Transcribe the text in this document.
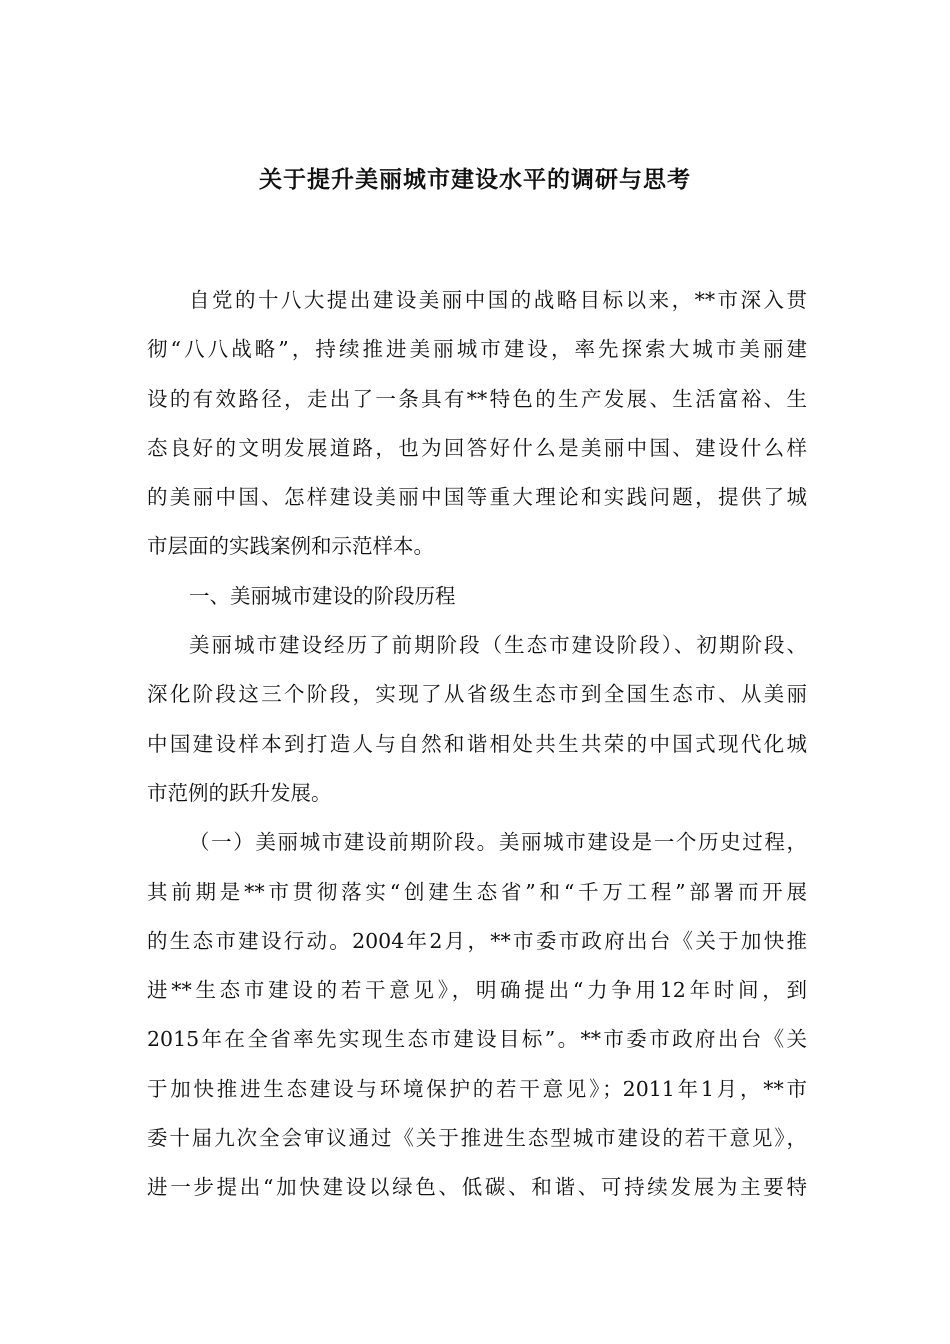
关于提升美丽城市建设水平的调研与思考
自党的十八大提出建设美丽中国的战略目标以来，**市深入贯
彻“八八战略”，持续推进美丽城市建设，率先探索大城市美丽建
设的有效路径，走出了一条具有**特色的生产发展、生活富裕、生
态良好的文明发展道路，也为回答好什么是美丽中国、建设什么样
的美丽中国、怎样建设美丽中国等重大理论和实践问题，提供了城
市层面的实践案例和示范样本。
一、美丽城市建设的阶段历程
美丽城市建设经历了前期阶段（生态市建设阶段）、初期阶段、
深化阶段这三个阶段，实现了从省级生态市到全国生态市、从美丽
中国建设样本到打造人与自然和谐相处共生共荣的中国式现代化城
市范例的跃升发展。
（一）美丽城市建设前期阶段。美丽城市建设是一个历史过程，
其前期是**市贯彻落实“创建生态省”和“千万工程”部署而开展
的生态市建设行动。2004年2月，**市委市政府出台《关于加快推
进**生态市建设的若干意见》，明确提出“力争用12年时间，到
2015年在全省率先实现生态市建设目标”。**市委市政府出台《关
于加快推进生态建设与环境保护的若干意见》；2011年1月，**市
委十届九次全会审议通过《关于推进生态型城市建设的若干意见》，
进一步提出“加快建设以绿色、低碳、和谐、可持续发展为主要特
